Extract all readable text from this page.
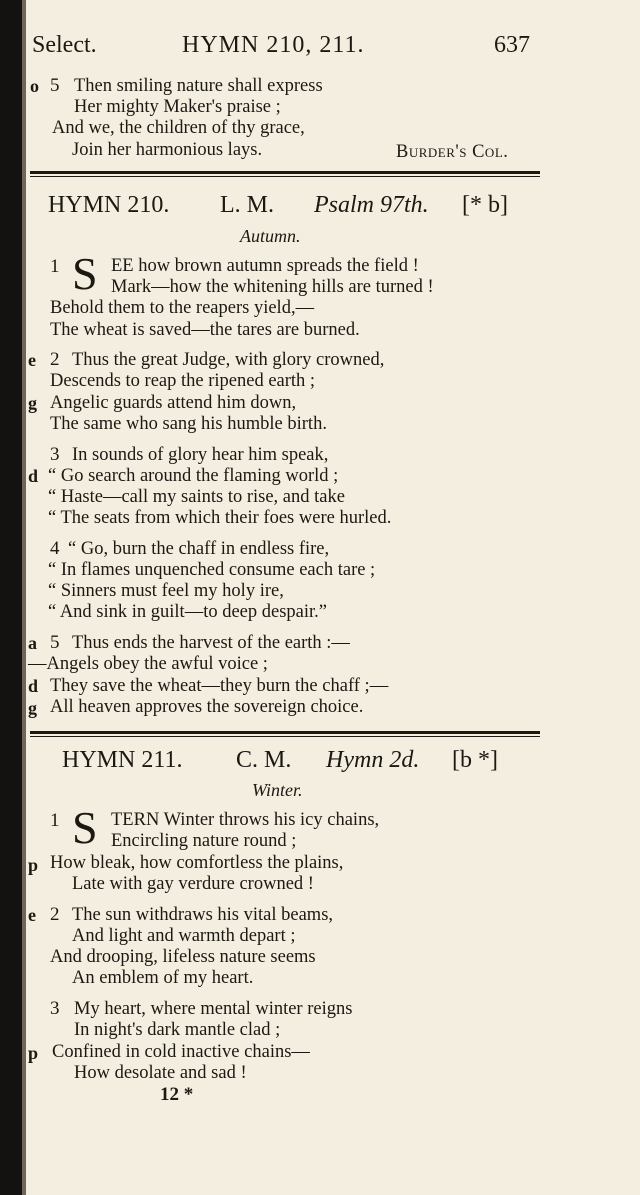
Select.	HYMN 210, 211.	637
o 5 Then smiling nature shall express
Her mighty Maker's praise ;
And we, the children of thy grace,
Join her harmonious lays.	Burder's Col.
HYMN 210. L. M. Psalm 97th. [* b]
Autumn.
1 S EE how brown autumn spreads the field !
Mark—how the whitening hills are turned !
Behold them to the reapers yield,—
The wheat is saved—the tares are burned.
e 2 Thus the great Judge, with glory crowned,
Descends to reap the ripened earth ;
g Angelic guards attend him down,
The same who sang his humble birth.
3 In sounds of glory hear him speak,
d “ Go search around the flaming world ;
“ Haste—call my saints to rise, and take
“ The seats from which their foes were hurled.
4 “ Go, burn the chaff in endless fire,
“ In flames unquenched consume each tare ;
“ Sinners must feel my holy ire,
“ And sink in guilt—to deep despair.”
a 5 Thus ends the harvest of the earth :—
—Angels obey the awful voice ;
d They save the wheat—they burn the chaff ;—
g All heaven approves the sovereign choice.
HYMN 211. C. M. Hymn 2d. [b *]
Winter.
1 S TERN Winter throws his icy chains,
Encircling nature round ;
p How bleak, how comfortless the plains,
Late with gay verdure crowned !
e 2 The sun withdraws his vital beams,
And light and warmth depart ;
And drooping, lifeless nature seems
An emblem of my heart.
3 My heart, where mental winter reigns
In night's dark mantle clad ;
p Confined in cold inactive chains—
How desolate and sad !
12 *
